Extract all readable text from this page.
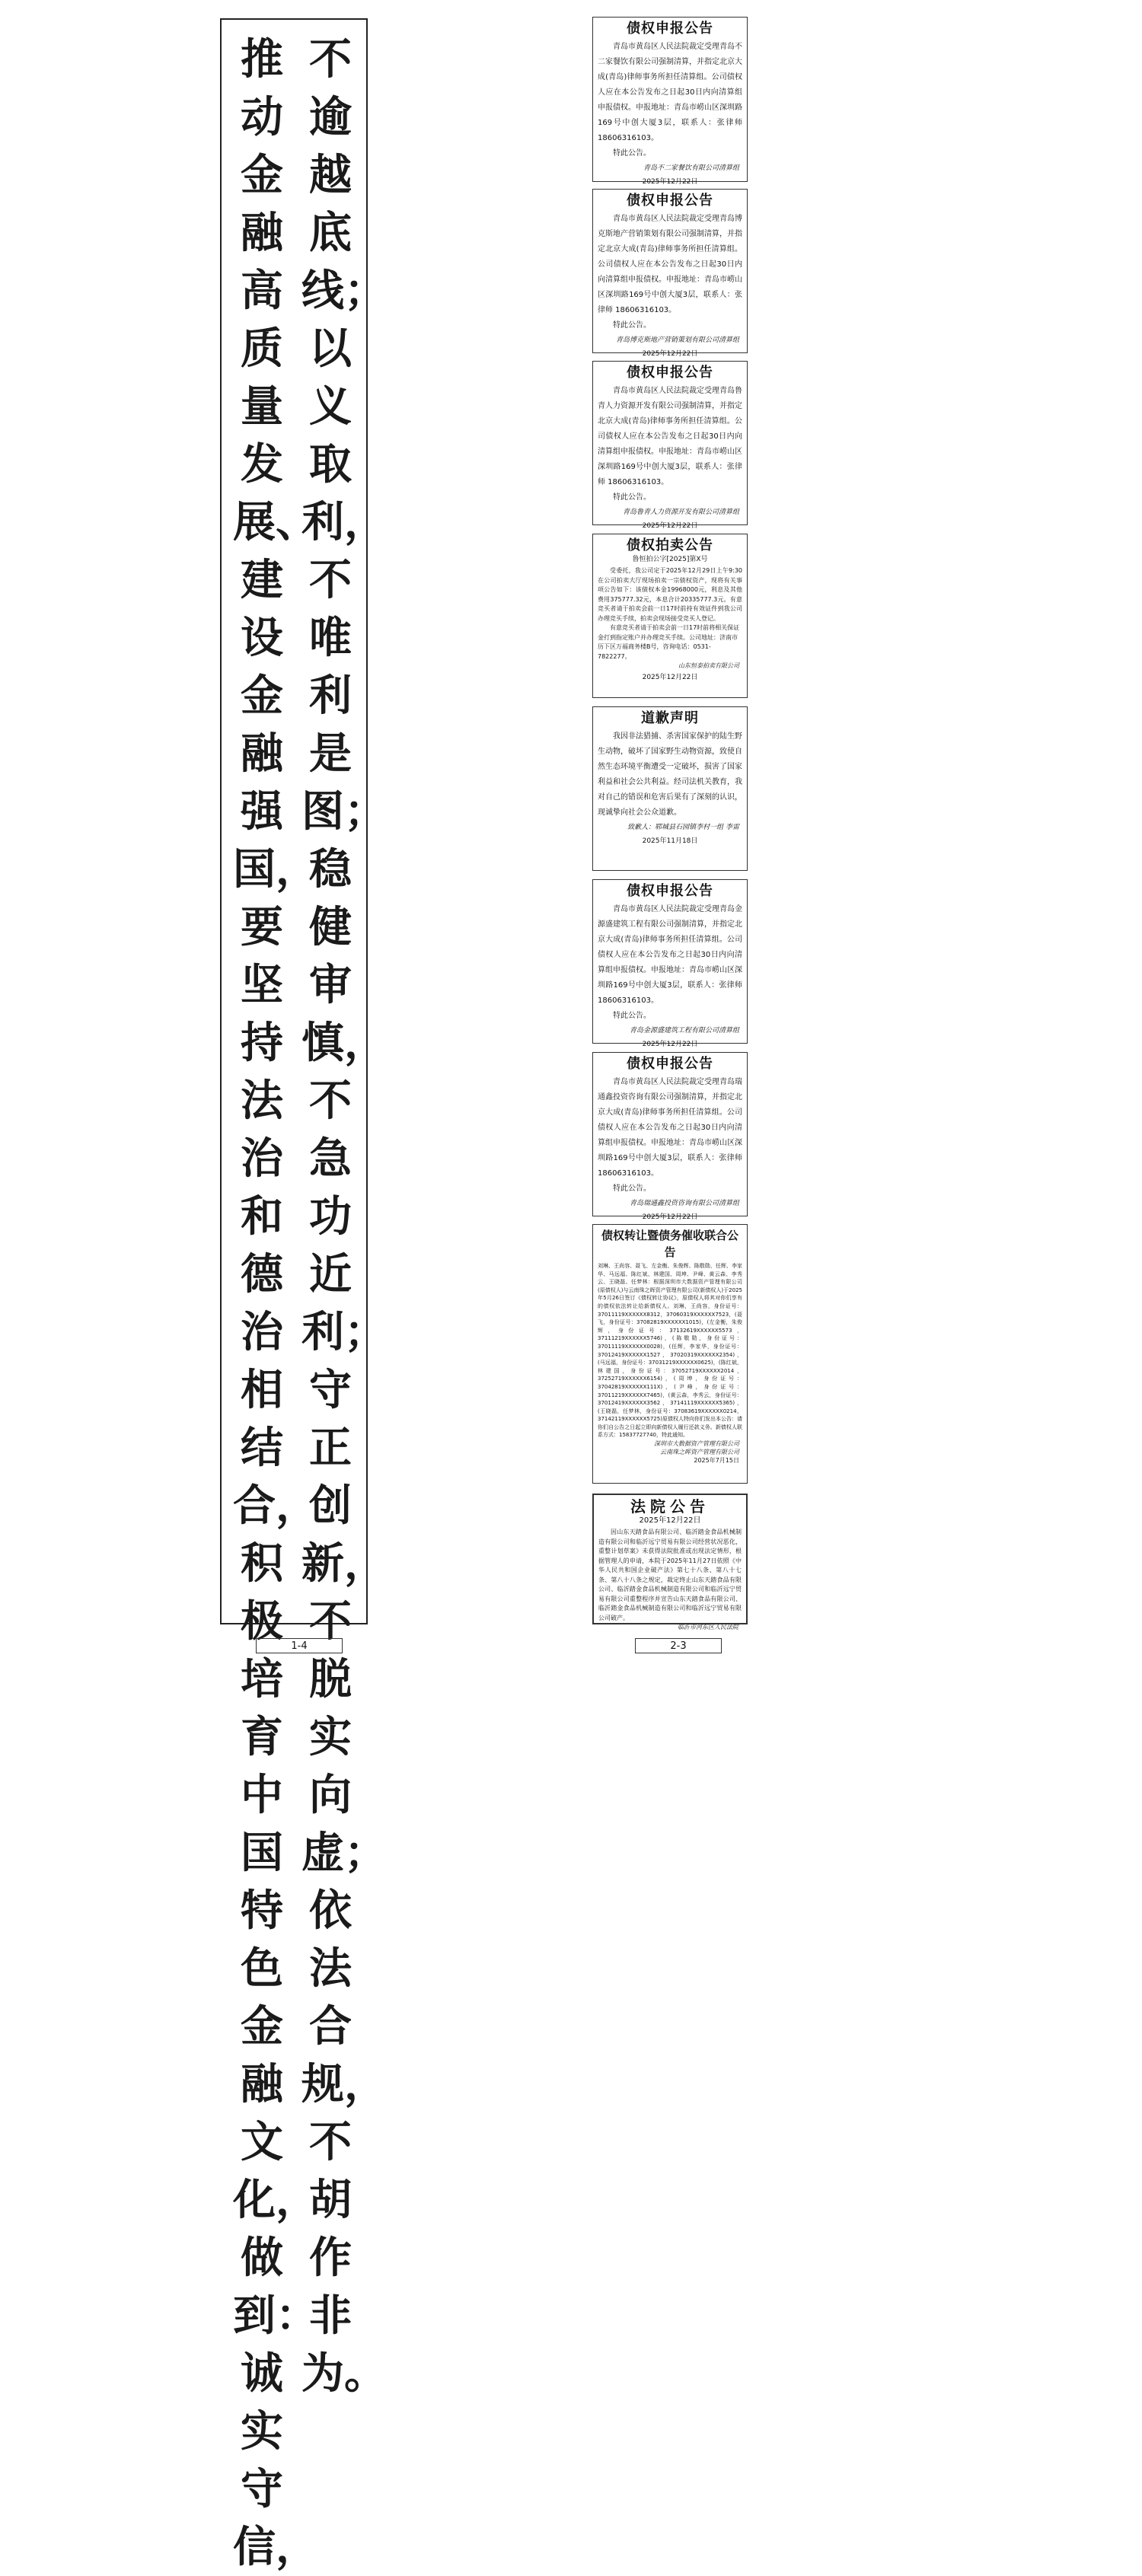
不逾越底线；以义取利，不唯利是图；稳健审慎，不急功近利；守正创新，不脱实向虚；依法合规，不胡作非为。
推动金融高质量发展、建设金融强国，要坚持法治和德治相结合，积极培育中国特色金融文化，做到：诚实守信，
1-4
债权申报公告
青岛市黄岛区人民法院裁定受理青岛不二家餐饮有限公司强制清算，并指定北京大成(青岛)律师事务所担任清算组。公司债权人应在本公告发布之日起30日内向清算组申报债权。申报地址：青岛市崂山区深圳路169号中创大厦3层，联系人：张律师 18606316103。
特此公告。
青岛不二家餐饮有限公司清算组
2025年12月22日
债权申报公告
青岛市黄岛区人民法院裁定受理青岛博克斯地产营销策划有限公司强制清算，并指定北京大成(青岛)律师事务所担任清算组。公司债权人应在本公告发布之日起30日内向清算组申报债权。申报地址：青岛市崂山区深圳路169号中创大厦3层，联系人：张律师 18606316103。
特此公告。
青岛博克斯地产营销策划有限公司清算组
2025年12月22日
债权申报公告
青岛市黄岛区人民法院裁定受理青岛鲁青人力资源开发有限公司强制清算，并指定北京大成(青岛)律师事务所担任清算组。公司债权人应在本公告发布之日起30日内向清算组申报债权。申报地址：青岛市崂山区深圳路169号中创大厦3层，联系人：张律师 18606316103。
特此公告。
青岛鲁青人力资源开发有限公司清算组
2025年12月22日
债权拍卖公告
鲁恒拍公字[2025]第X号
受委托，我公司定于2025年12月29日上午9:30在公司拍卖大厅现场拍卖一宗债权资产，现将有关事项公告如下：该债权本金19968000元，利息及其他费用375777.32元，本息合计20335777.3元。有意竞买者请于拍卖会前一日17时前持有效证件到我公司办理竞买手续，拍卖会现场接受竞买人登记。
有意竞买者请于拍卖会前一日17时前将相关保证金打到指定账户并办理竞买手续。公司地址：济南市历下区万福商务楼B号，咨询电话：0531-7822277。
山东恒泰拍卖有限公司
2025年12月22日
道歉声明
我因非法猎捕、杀害国家保护的陆生野生动物，破坏了国家野生动物资源，致使自然生态环境平衡遭受一定破坏，损害了国家利益和社会公共利益。经司法机关教育，我对自己的错误和危害后果有了深刻的认识，现诚挚向社会公众道歉。
致歉人：郓城县石园镇李村一组 李雷
2025年11月18日
债权申报公告
青岛市黄岛区人民法院裁定受理青岛金源盛建筑工程有限公司强制清算，并指定北京大成(青岛)律师事务所担任清算组。公司债权人应在本公告发布之日起30日内向清算组申报债权。申报地址：青岛市崂山区深圳路169号中创大厦3层，联系人：张律师 18606316103。
特此公告。
青岛金源盛建筑工程有限公司清算组
2025年12月22日
债权申报公告
青岛市黄岛区人民法院裁定受理青岛瑞通鑫投资咨询有限公司强制清算，并指定北京大成(青岛)律师事务所担任清算组。公司债权人应在本公告发布之日起30日内向清算组申报债权。申报地址：青岛市崂山区深圳路169号中创大厦3层，联系人：张律师 18606316103。
特此公告。
青岛瑞通鑫投资咨询有限公司清算组
2025年12月22日
债权转让暨债务催收联合公告
刘琳、王尚容、聂飞、左金衡、朱俊辉、陈敬勋、任辉、李家华、马远福、陈红斌、林建国、周坤、尹峰、黄云森、李秀云、王晓磊、任梦林：根据深圳市大数据资产管理有限公司(原债权人)与云南珠之晖资产管理有限公司(新债权人)于2025年5月26日签订《债权转让协议》，原债权人将其对你们享有的债权依法转让给新债权人。刘琳，王尚容，身份证号：37011119XXXXXX8312，37060319XXXXXX7523，(聂飞，身份证号：37082819XXXXXX1015)，(左金衡，朱俊辉，身份证号：37132619XXXXXX5573，37111219XXXXXX5746)，(陈敬勋，身份证号：37011119XXXXXX0028)，(任辉，李家华，身份证号：37012419XXXXXX1527，37020319XXXXXX2354)，(马远福，身份证号：37031219XXXXXX0625)，(陈红斌，林建国，身份证号：37052719XXXXXX2014，37252719XXXXXX6154)，(周坤，身份证号：37042819XXXXXX111X)，(尹峰，身份证号：37011219XXXXXX7465)，(黄云森，李秀云，身份证号：37012419XXXXXX3562，37141119XXXXXX5365)，(王晓磊，任梦林，身份证号：37083619XXXXXX0214，37142119XXXXXX5725)原债权人特向你们发出本公告：请你们自公告之日起立即向新债权人履行还款义务。新债权人联系方式：15837727740，特此通知。
深圳市大数据资产管理有限公司
云南珠之晖资产管理有限公司
2025年7月15日
法院公告
2025年12月22日
因山东天踏食品有限公司、临沂踏金食品机械制造有限公司和临沂远宁贸易有限公司经营状况恶化，重整计划草案》未获得法院批准或出现法定情形，根据管理人的申请，本院于2025年11月27日依照《中华人民共和国企业破产法》第七十八条、第八十七条、第八十八条之规定，裁定终止山东天踏食品有限公司、临沂踏金食品机械制造有限公司和临沂远宁贸易有限公司重整程序并宣告山东天踏食品有限公司、临沂踏金食品机械制造有限公司和临沂远宁贸易有限公司破产。
临沂市河东区人民法院
2-3
